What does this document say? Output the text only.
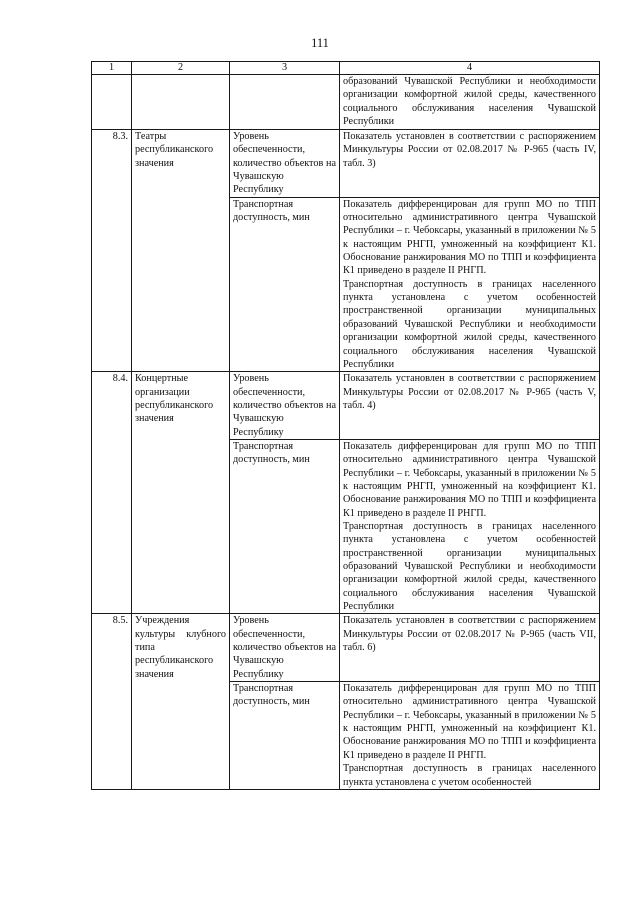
111
1	2	3	4

			образований Чувашской Республики и необходимости организации комфортной жилой среды, качественного социального обслуживания населения Чувашской Республики

8.3.	Театры республиканского значения	Уровень обеспеченности, количество объектов на Чувашскую Республику	Показатель установлен в соответствии с распоряжением Минкультуры России от 02.08.2017 № Р-965 (часть IV, табл. 3)

		Транспортная доступность, мин	Показатель дифференцирован для групп МО по ТПП относительно административного центра Чувашской Республики – г. Чебоксары, указанный в приложении № 5 к настоящим РНГП, умноженный на коэффициент К1. Обоснование ранжирования МО по ТПП и коэффициента К1 приведено в разделе II РНГП.
Транспортная доступность в границах населенного пункта установлена с учетом особенностей пространственной организации муниципальных образований Чувашской Республики и необходимости организации комфортной жилой среды, качественного социального обслуживания населения Чувашской Республики

8.4.	Концертные организации республиканского значения	Уровень обеспеченности, количество объектов на Чувашскую Республику	Показатель установлен в соответствии с распоряжением Минкультуры России от 02.08.2017 № Р-965 (часть V, табл. 4)

		Транспортная доступность, мин	Показатель дифференцирован для групп МО по ТПП относительно административного центра Чувашской Республики – г. Чебоксары, указанный в приложении № 5 к настоящим РНГП, умноженный на коэффициент К1. Обоснование ранжирования МО по ТПП и коэффициента К1 приведено в разделе II РНГП.
Транспортная доступность в границах населенного пункта установлена с учетом особенностей пространственной организации муниципальных образований Чувашской Республики и необходимости организации комфортной жилой среды, качественного социального обслуживания населения Чувашской Республики

8.5.	Учреждения культуры клубного типа республиканского значения	Уровень обеспеченности, количество объектов на Чувашскую Республику	Показатель установлен в соответствии с распоряжением Минкультуры России от 02.08.2017 № Р-965 (часть VII, табл. 6)

		Транспортная доступность, мин	Показатель дифференцирован для групп МО по ТПП относительно административного центра Чувашской Республики – г. Чебоксары, указанный в приложении № 5 к настоящим РНГП, умноженный на коэффициент К1. Обоснование ранжирования МО по ТПП и коэффициента К1 приведено в разделе II РНГП.
Транспортная доступность в границах населенного пункта установлена с учетом особенностей
